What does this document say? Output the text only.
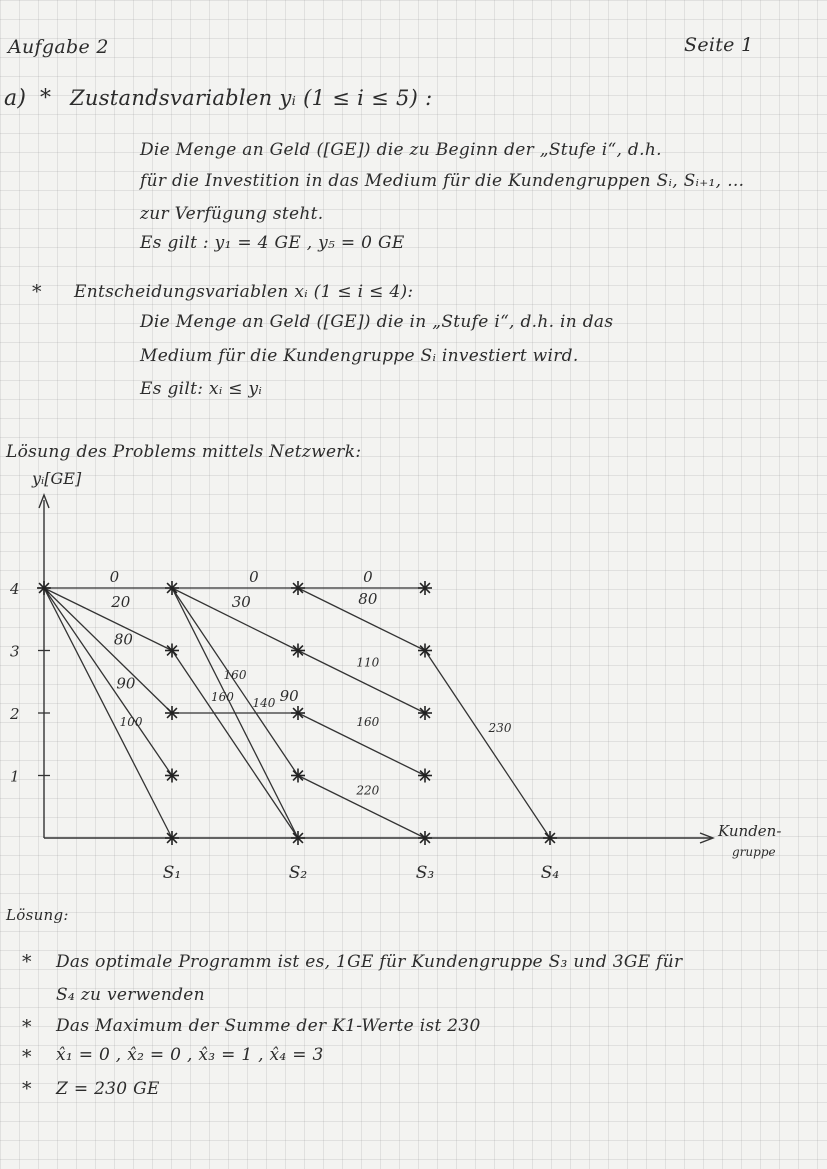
Aufgabe 2	Seite 1
a) * Zustandsvariablen yᵢ (1 ≤ i ≤ 5) :
Die Menge an Geld ([GE]) die zu Beginn der „Stufe i“, d.h.
für die Investition in das Medium für die Kundengruppen Sᵢ, Sᵢ₊₁, …
zur Verfügung steht.
Es gilt : y₁ = 4 GE , y₅ = 0 GE
* Entscheidungsvariablen xᵢ (1 ≤ i ≤ 4):
Die Menge an Geld ([GE]) die in „Stufe i“, d.h. in das
Medium für die Kundengruppe Sᵢ investiert wird.
Es gilt: xᵢ ≤ yᵢ
Lösung des Problems mittels Netzwerk:
yᵢ[GE]
Kunden-
gruppe
4
3
2
1
0	0	0
20
80
90
100
30
160
160 140 90
80
110
160
220
230
S₁	S₂	S₃	S₄
Lösung:
* Das optimale Programm ist es, 1GE für Kundengruppe S₃ und 3GE für
S₄ zu verwenden
* Das Maximum der Summe der K1-Werte ist 230
* x̂₁ = 0 , x̂₂ = 0 , x̂₃ = 1 , x̂₄ = 3
* Z = 230 GE
